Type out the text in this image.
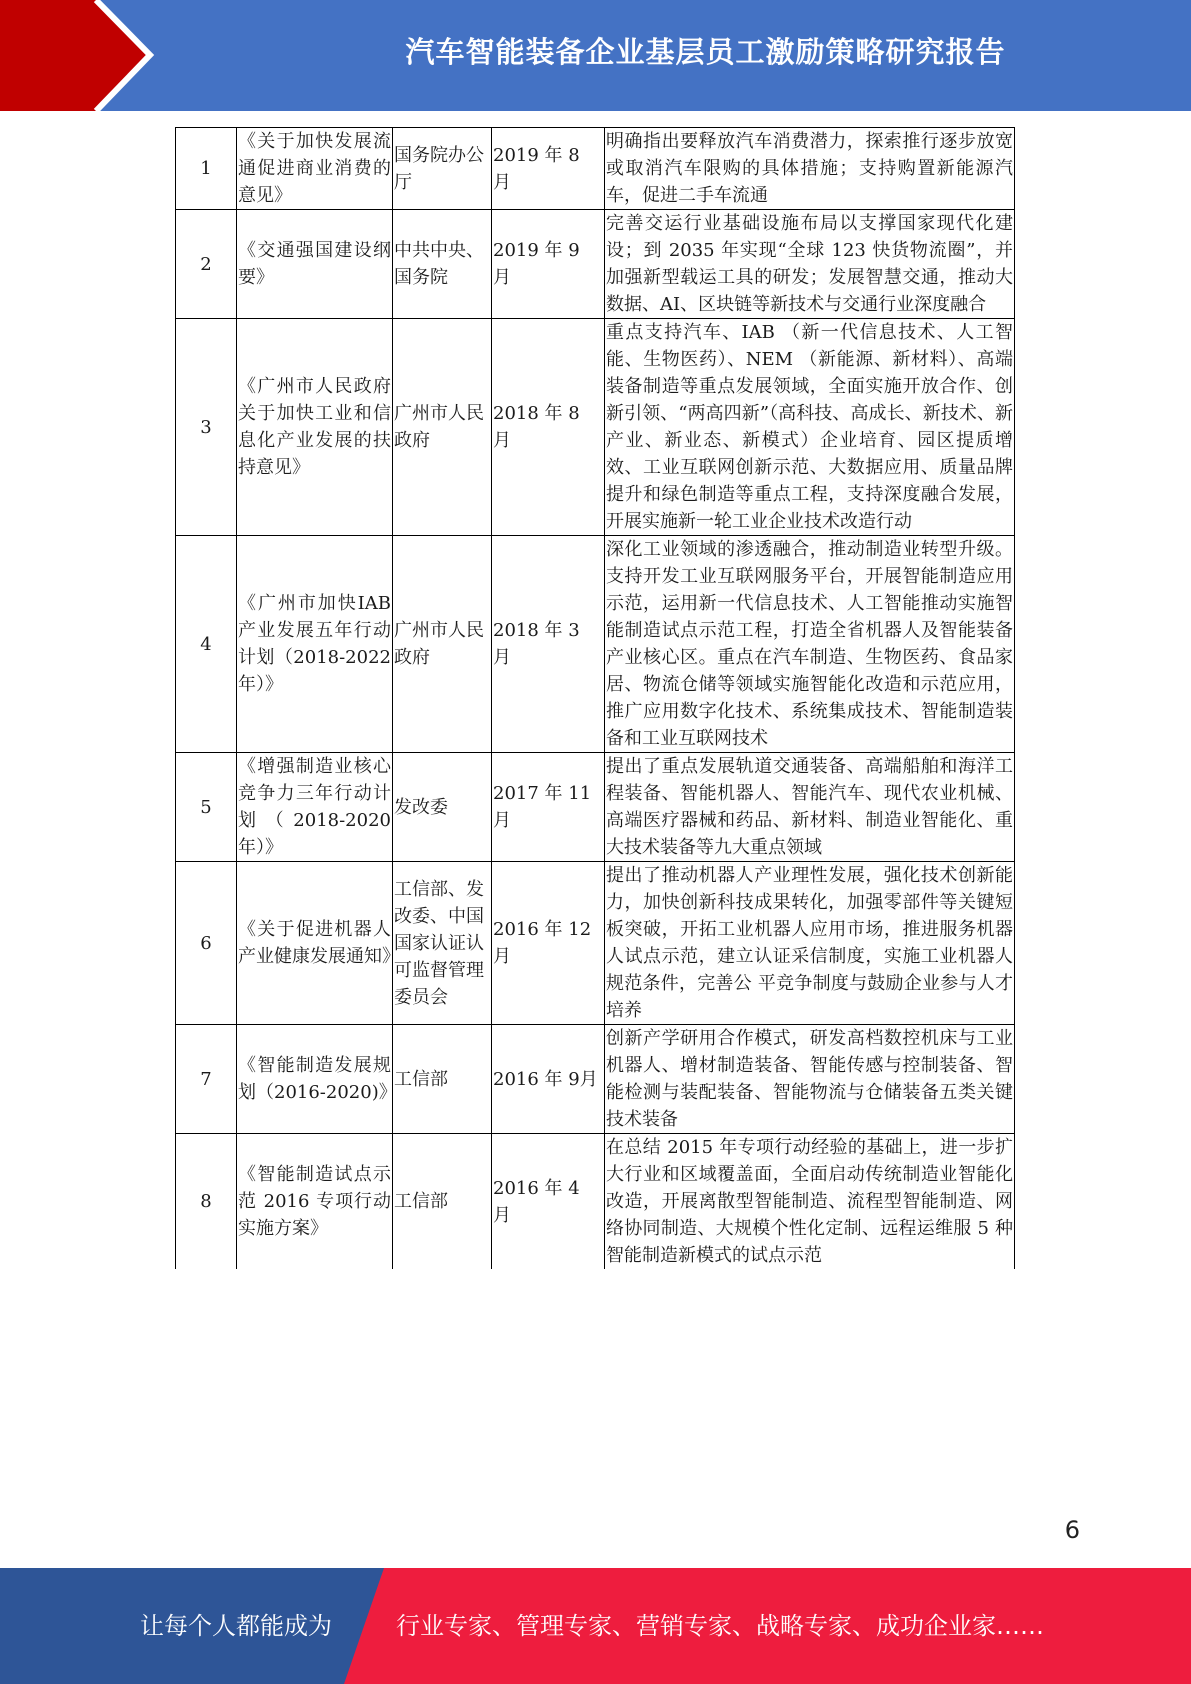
汽车智能装备企业基层员工激励策略研究报告
1	《关于加快发展流通促进商业消费的意见》	国务院办公厅	2019 年 8 月	明确指出要释放汽车消费潜力，探索推行逐步放宽或取消汽车限购的具体措施；支持购置新能源汽车，促进二手车流通
2	《交通强国建设纲要》	中共中央、国务院	2019 年 9 月	完善交运行业基础设施布局以支撑国家现代化建设；到 2035 年实现“全球 123 快货物流圈”，并加强新型载运工具的研发；发展智慧交通，推动大数据、AI、区块链等新技术与交通行业深度融合
3	《广州市人民政府关于加快工业和信息化产业发展的扶持意见》	广州市人民政府	2018 年 8 月	重点支持汽车、IAB （新一代信息技术、人工智能、生物医药）、NEM （新能源、新材料）、高端装备制造等重点发展领域，全面实施开放合作、创新引领、“两高四新”（高科技、高成长、新技术、新产业、新业态、新模式）企业培育、园区提质增效、工业互联网创新示范、大数据应用、质量品牌提升和绿色制造等重点工程，支持深度融合发展，开展实施新一轮工业企业技术改造行动
4	《广州市加快IAB产业发展五年行动计划（2018-2022年）》	广州市人民政府	2018 年 3 月	深化工业领域的渗透融合，推动制造业转型升级。支持开发工业互联网服务平台，开展智能制造应用示范，运用新一代信息技术、人工智能推动实施智能制造试点示范工程，打造全省机器人及智能装备产业核心区。重点在汽车制造、生物医药、食品家居、物流仓储等领域实施智能化改造和示范应用，推广应用数字化技术、系统集成技术、智能制造装备和工业互联网技术
5	《增强制造业核心竞争力三年行动计划（2018-2020年）》	发改委	2017 年 11 月	提出了重点发展轨道交通装备、高端船舶和海洋工程装备、智能机器人、智能汽车、现代农业机械、高端医疗器械和药品、新材料、制造业智能化、重大技术装备等九大重点领域
6	《关于促进机器人产业健康发展通知》	工信部、发改委、中国国家认证认可监督管理委员会	2016 年 12 月	提出了推动机器人产业理性发展，强化技术创新能力，加快创新科技成果转化，加强零部件等关键短板突破，开拓工业机器人应用市场，推进服务机器人试点示范，建立认证采信制度，实施工业机器人规范条件，完善公 平竞争制度与鼓励企业参与人才培养
7	《智能制造发展规划（2016-2020)》	工信部	2016 年 9月	创新产学研用合作模式，研发高档数控机床与工业机器人、增材制造装备、智能传感与控制装备、智能检测与装配装备、智能物流与仓储装备五类关键技术装备
8	《智能制造试点示范 2016 专项行动实施方案》	工信部	2016 年 4 月	在总结 2015 年专项行动经验的基础上，进一步扩大行业和区域覆盖面，全面启动传统制造业智能化改造，开展离散型智能制造、流程型智能制造、网络协同制造、大规模个性化定制、远程运维服 5 种智能制造新模式的试点示范
6
让每个人都能成为	行业专家、管理专家、营销专家、战略专家、成功企业家……
